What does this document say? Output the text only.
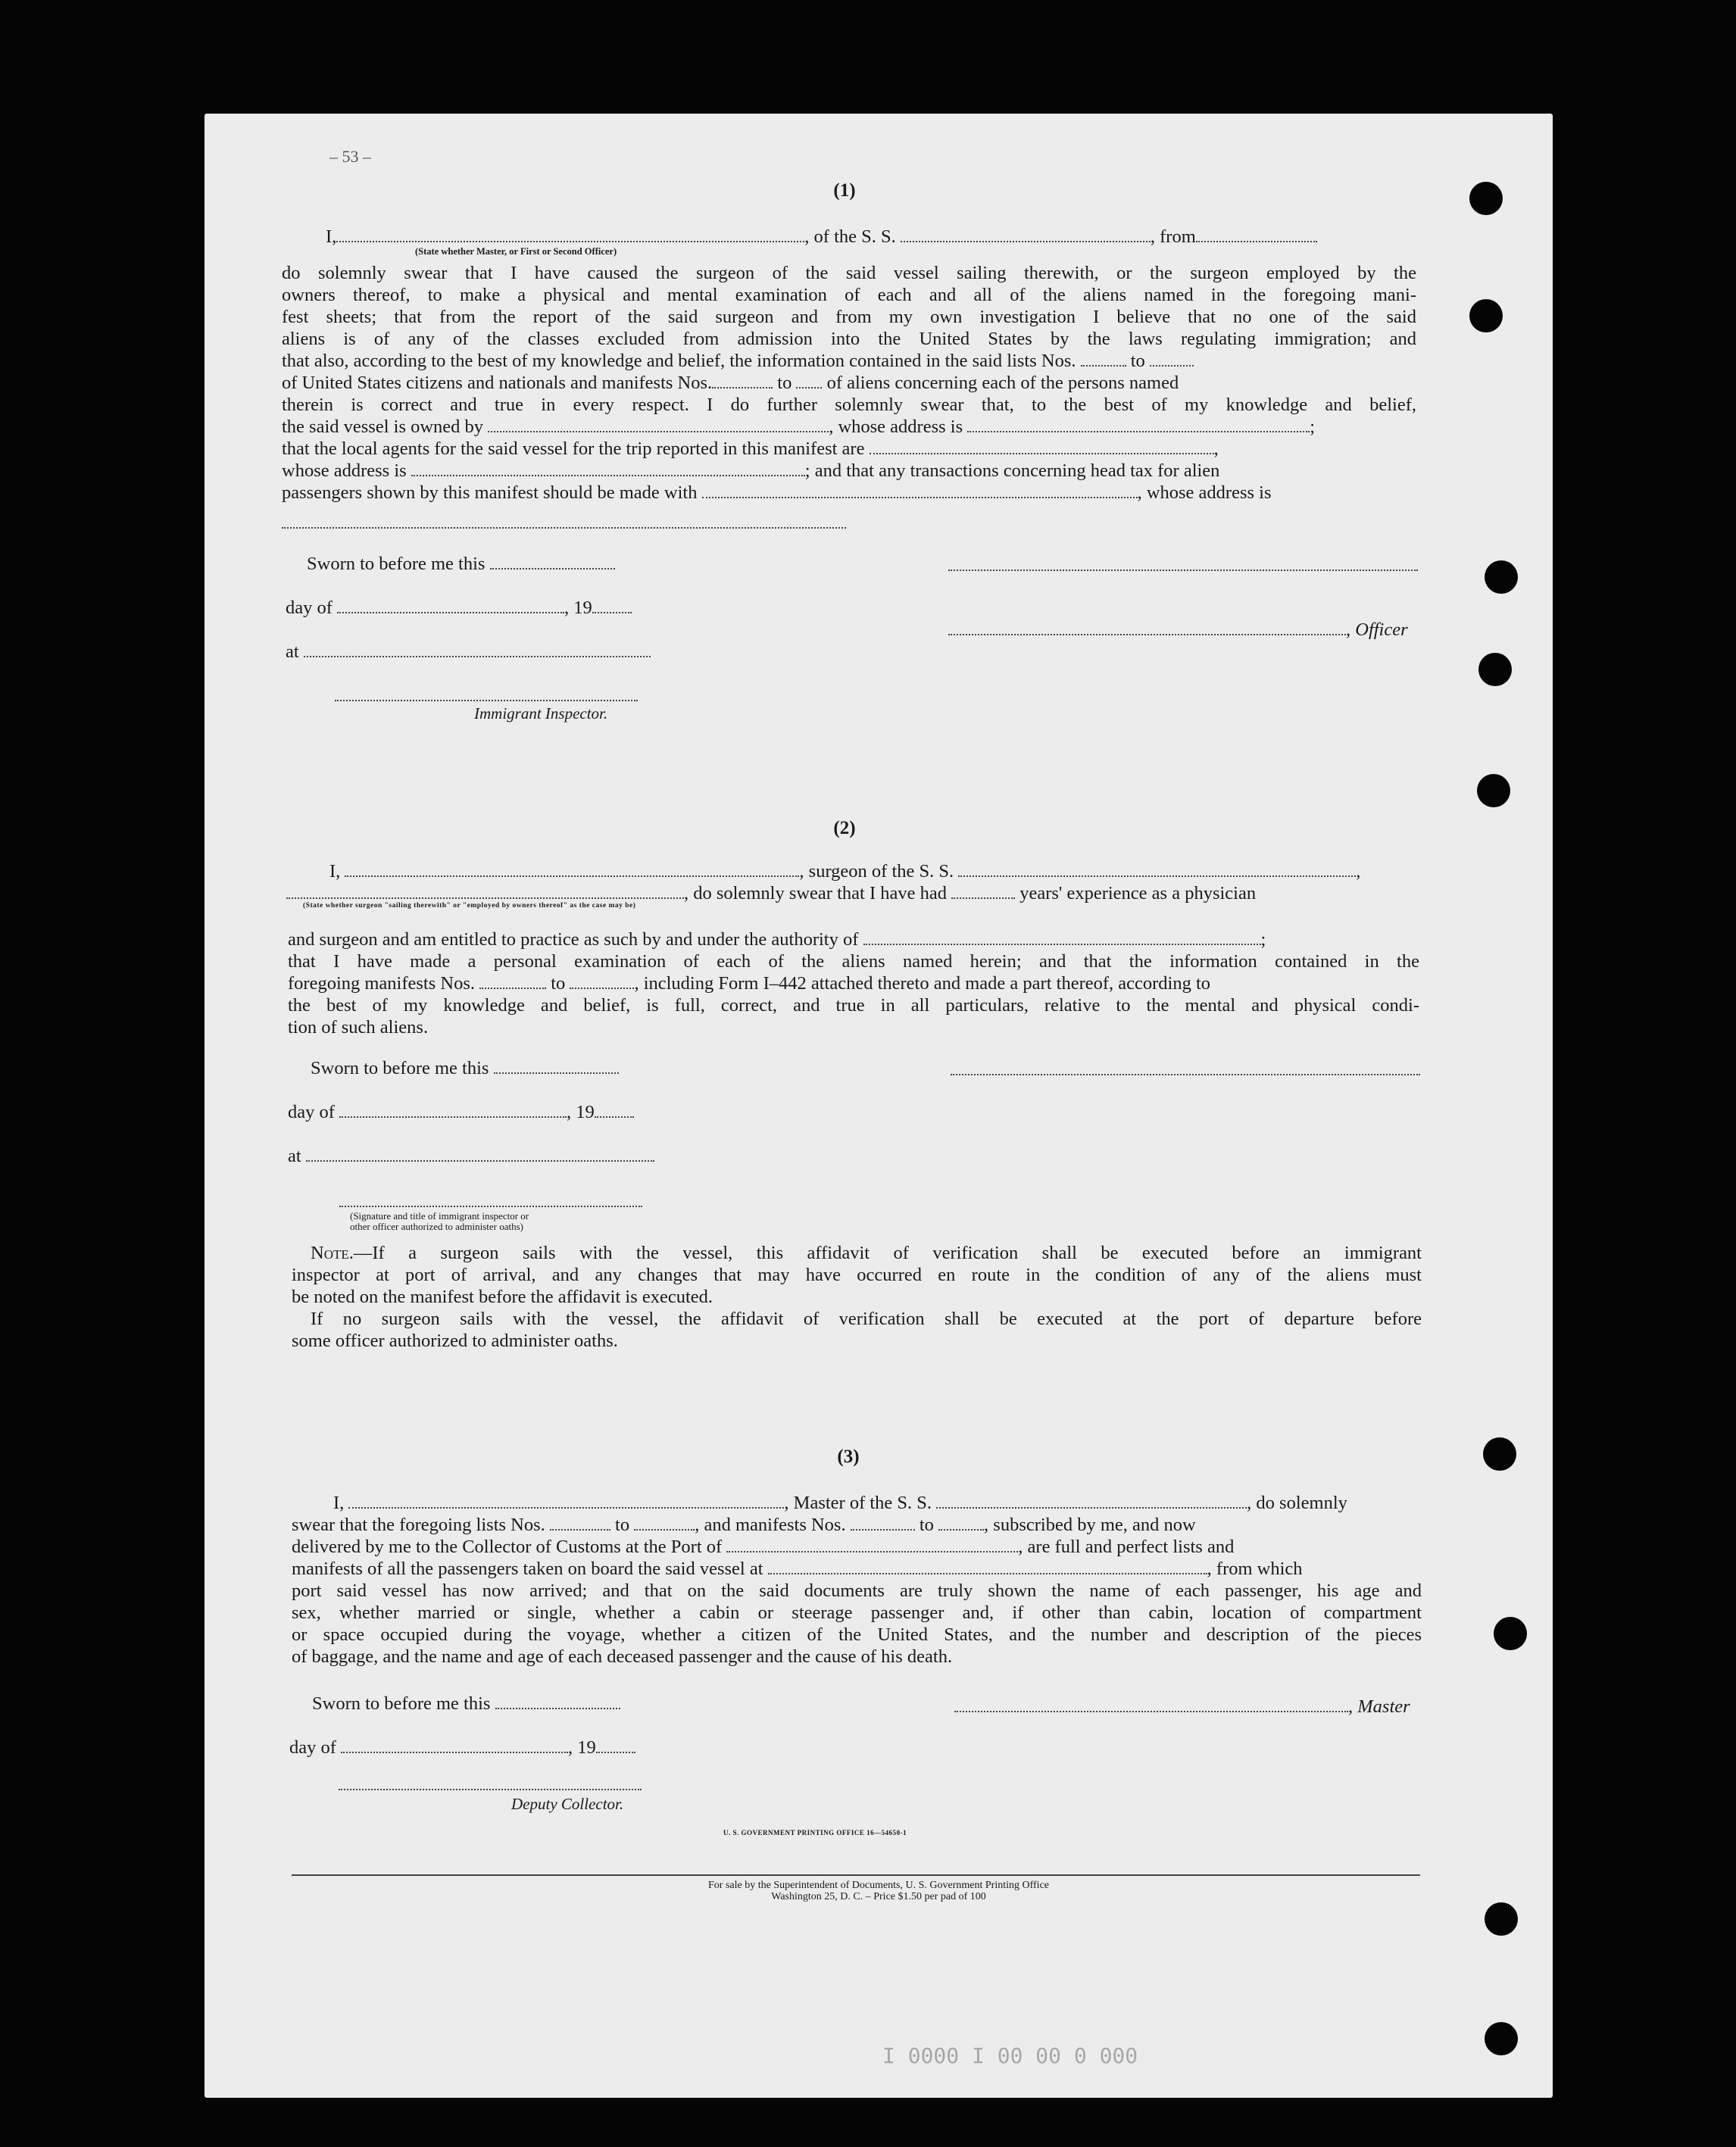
– 53 –
(1)
I,	, of the S. S.	, from
(State whether Master, or First or Second Officer)
do solemnly swear that I have caused the surgeon of the said vessel sailing therewith, or the surgeon employed by the
owners thereof, to make a physical and mental examination of each and all of the aliens named in the foregoing mani-
fest sheets; that from the report of the said surgeon and from my own investigation I believe that no one of the said
aliens is of any of the classes excluded from admission into the United States by the laws regulating immigration; and
that also, according to the best of my knowledge and belief, the information contained in the said lists Nos.	to
of United States citizens and nationals and manifests Nos.	to of aliens concerning each of the persons named
therein is correct and true in every respect. I do further solemnly swear that, to the best of my knowledge and belief,
the said vessel is owned by	, whose address is	;
that the local agents for the said vessel for the trip reported in this manifest are	,
whose address is	; and that any transactions concerning head tax for alien
passengers shown by this manifest should be made with	, whose address is
Sworn to before me this
day of	, 19
, Officer
at
Immigrant Inspector.
(2)
I,	, surgeon of the S. S.	,
, do solemnly swear that I have had	years' experience as a physician
(State whether surgeon "sailing therewith" or "employed by owners thereof" as the case may be)
and surgeon and am entitled to practice as such by and under the authority of	;
that I have made a personal examination of each of the aliens named herein; and that the information contained in the
foregoing manifests Nos.	to	, including Form I–442 attached thereto and made a part thereof, according to
the best of my knowledge and belief, is full, correct, and true in all particulars, relative to the mental and physical condi-
tion of such aliens.
Sworn to before me this
day of	, 19
at
(Signature and title of immigrant inspector or
other officer authorized to administer oaths)
Note.—If a surgeon sails with the vessel, this affidavit of verification shall be executed before an immigrant
inspector at port of arrival, and any changes that may have occurred en route in the condition of any of the aliens must
be noted on the manifest before the affidavit is executed.
If no surgeon sails with the vessel, the affidavit of verification shall be executed at the port of departure before
some officer authorized to administer oaths.
(3)
I,	, Master of the S. S.	, do solemnly
swear that the foregoing lists Nos.	to	, and manifests Nos.	to	, subscribed by me, and now
delivered by me to the Collector of Customs at the Port of	, are full and perfect lists and
manifests of all the passengers taken on board the said vessel at	, from which
port said vessel has now arrived; and that on the said documents are truly shown the name of each passenger, his age and
sex, whether married or single, whether a cabin or steerage passenger and, if other than cabin, location of compartment
or space occupied during the voyage, whether a citizen of the United States, and the number and description of the pieces
of baggage, and the name and age of each deceased passenger and the cause of his death.
Sworn to before me this	, Master
day of	, 19
Deputy Collector.
U. S. GOVERNMENT PRINTING OFFICE 16—54650-1
For sale by the Superintendent of Documents, U. S. Government Printing Office
Washington 25, D. C. – Price $1.50 per pad of 100
I 0000 I 00 00 0 000
